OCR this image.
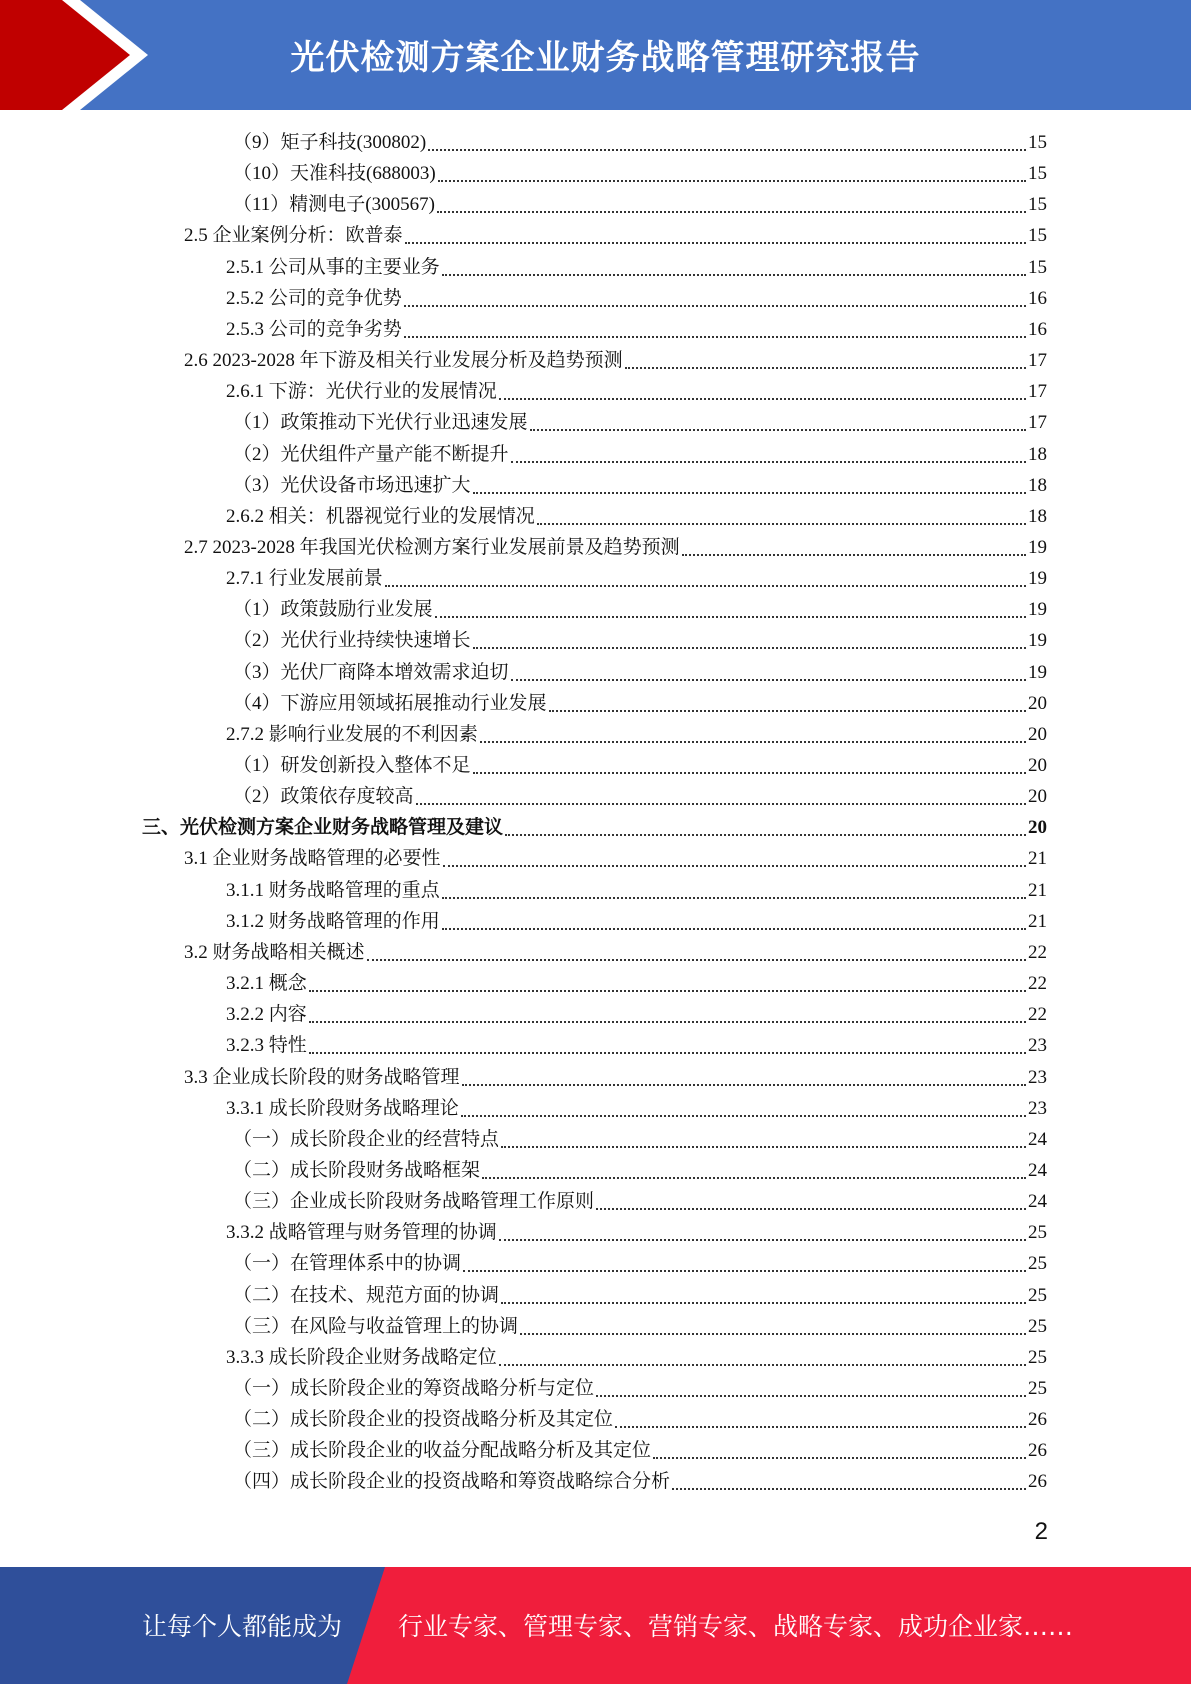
光伏检测方案企业财务战略管理研究报告
（9）矩子科技(300802)	15
（10）天准科技(688003)	15
（11）精测电子(300567)	15
2.5 企业案例分析：欧普泰	15
2.5.1 公司从事的主要业务	15
2.5.2 公司的竞争优势	16
2.5.3 公司的竞争劣势	16
2.6 2023-2028 年下游及相关行业发展分析及趋势预测	17
2.6.1 下游：光伏行业的发展情况	17
（1）政策推动下光伏行业迅速发展	17
（2）光伏组件产量产能不断提升	18
（3）光伏设备市场迅速扩大	18
2.6.2 相关：机器视觉行业的发展情况	18
2.7 2023-2028 年我国光伏检测方案行业发展前景及趋势预测	19
2.7.1 行业发展前景	19
（1）政策鼓励行业发展	19
（2）光伏行业持续快速增长	19
（3）光伏厂商降本增效需求迫切	19
（4）下游应用领域拓展推动行业发展	20
2.7.2 影响行业发展的不利因素	20
（1）研发创新投入整体不足	20
（2）政策依存度较高	20
三、光伏检测方案企业财务战略管理及建议	20
3.1 企业财务战略管理的必要性	21
3.1.1 财务战略管理的重点	21
3.1.2 财务战略管理的作用	21
3.2 财务战略相关概述	22
3.2.1 概念	22
3.2.2 内容	22
3.2.3 特性	23
3.3 企业成长阶段的财务战略管理	23
3.3.1 成长阶段财务战略理论	23
（一）成长阶段企业的经营特点	24
（二）成长阶段财务战略框架	24
（三）企业成长阶段财务战略管理工作原则	24
3.3.2 战略管理与财务管理的协调	25
（一）在管理体系中的协调	25
（二）在技术、规范方面的协调	25
（三）在风险与收益管理上的协调	25
3.3.3 成长阶段企业财务战略定位	25
（一）成长阶段企业的筹资战略分析与定位	25
（二）成长阶段企业的投资战略分析及其定位	26
（三）成长阶段企业的收益分配战略分析及其定位	26
（四）成长阶段企业的投资战略和筹资战略综合分析	26
2
让每个人都能成为 行业专家、管理专家、营销专家、战略专家、成功企业家……
